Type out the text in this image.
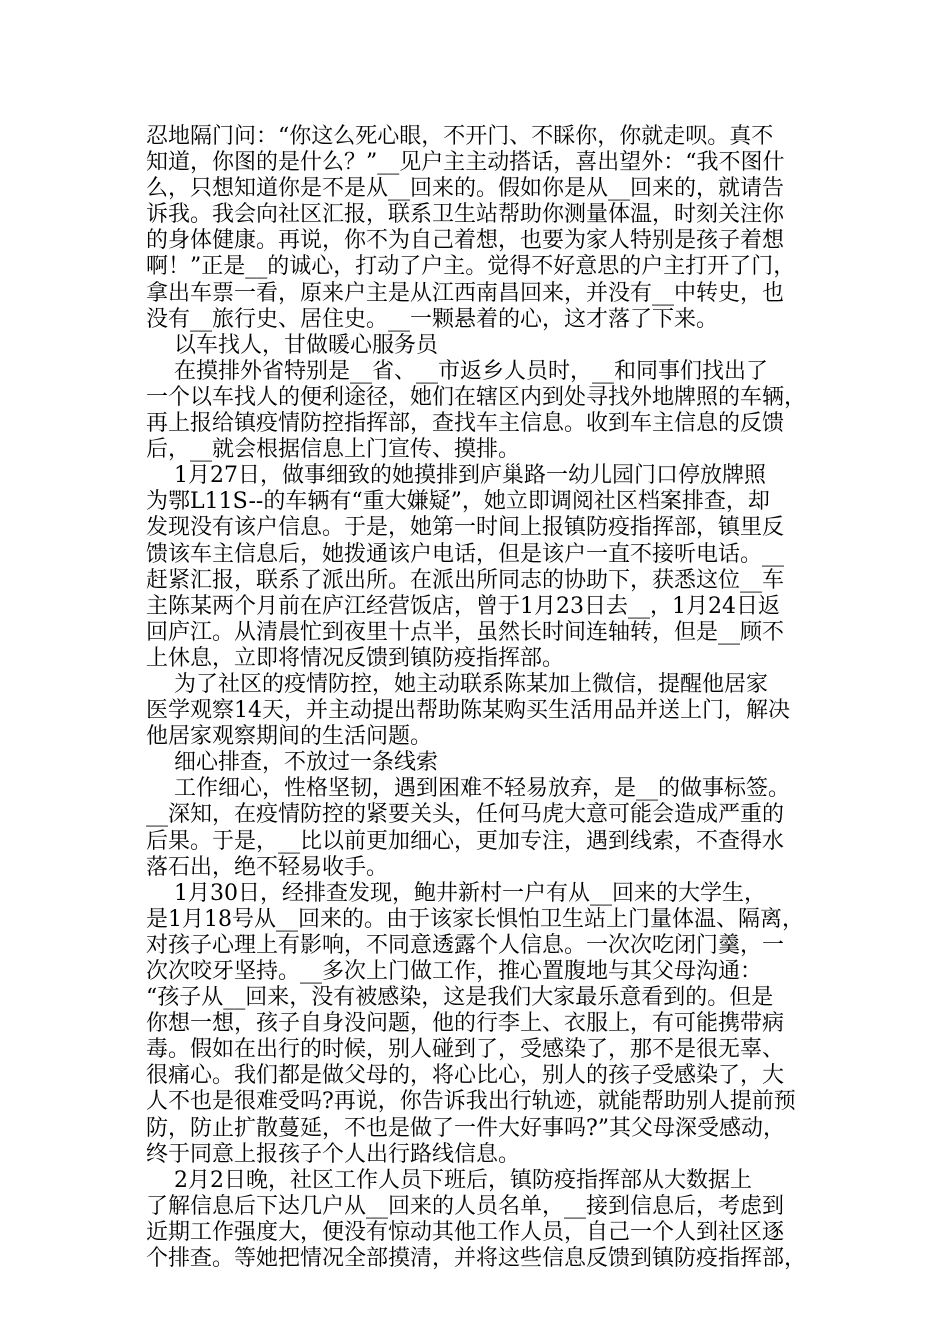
忍地隔门问：“你这么死心眼，不开门、不睬你，你就走呗。真不
知道，你图的是什么？”__见户主主动搭话，喜出望外：“我不图什
么，只想知道你是不是从__回来的。假如你是从__回来的，就请告
诉我。我会向社区汇报，联系卫生站帮助你测量体温，时刻关注你
的身体健康。再说，你不为自己着想，也要为家人特别是孩子着想
啊！”正是__的诚心，打动了户主。觉得不好意思的户主打开了门，
拿出车票一看，原来户主是从江西南昌回来，并没有__中转史，也
没有__旅行史、居住史。__一颗悬着的心，这才落了下来。
以车找人，甘做暖心服务员
在摸排外省特别是__省、__市返乡人员时，__和同事们找出了
一个以车找人的便利途径，她们在辖区内到处寻找外地牌照的车辆，
再上报给镇疫情防控指挥部，查找车主信息。收到车主信息的反馈
后，__就会根据信息上门宣传、摸排。
1月27日，做事细致的她摸排到庐巢路一幼儿园门口停放牌照
为鄂L11S--的车辆有“重大嫌疑”，她立即调阅社区档案排查，却
发现没有该户信息。于是，她第一时间上报镇防疫指挥部，镇里反
馈该车主信息后，她拨通该户电话，但是该户一直不接听电话。__
赶紧汇报，联系了派出所。在派出所同志的协助下，获悉这位__车
主陈某两个月前在庐江经营饭店，曾于1月23日去__，1月24日返
回庐江。从清晨忙到夜里十点半，虽然长时间连轴转，但是__顾不
上休息，立即将情况反馈到镇防疫指挥部。
为了社区的疫情防控，她主动联系陈某加上微信，提醒他居家
医学观察14天，并主动提出帮助陈某购买生活用品并送上门，解决
他居家观察期间的生活问题。
细心排查，不放过一条线索
工作细心，性格坚韧，遇到困难不轻易放弃，是__的做事标签。
__深知，在疫情防控的紧要关头，任何马虎大意可能会造成严重的
后果。于是，__比以前更加细心，更加专注，遇到线索，不查得水
落石出，绝不轻易收手。
1月30日，经排查发现，鲍井新村一户有从__回来的大学生，
是1月18号从__回来的。由于该家长惧怕卫生站上门量体温、隔离，
对孩子心理上有影响，不同意透露个人信息。一次次吃闭门羹，一
次次咬牙坚持。__多次上门做工作，推心置腹地与其父母沟通：
“孩子从__回来，没有被感染，这是我们大家最乐意看到的。但是
你想一想，孩子自身没问题，他的行李上、衣服上，有可能携带病
毒。假如在出行的时候，别人碰到了，受感染了，那不是很无辜、
很痛心。我们都是做父母的，将心比心，别人的孩子受感染了，大
人不也是很难受吗?再说，你告诉我出行轨迹，就能帮助别人提前预
防，防止扩散蔓延，不也是做了一件大好事吗?”其父母深受感动，
终于同意上报孩子个人出行路线信息。
2月2日晚，社区工作人员下班后，镇防疫指挥部从大数据上
了解信息后下达几户从__回来的人员名单，__接到信息后，考虑到
近期工作强度大，便没有惊动其他工作人员，自己一个人到社区逐
个排查。等她把情况全部摸清，并将这些信息反馈到镇防疫指挥部，
